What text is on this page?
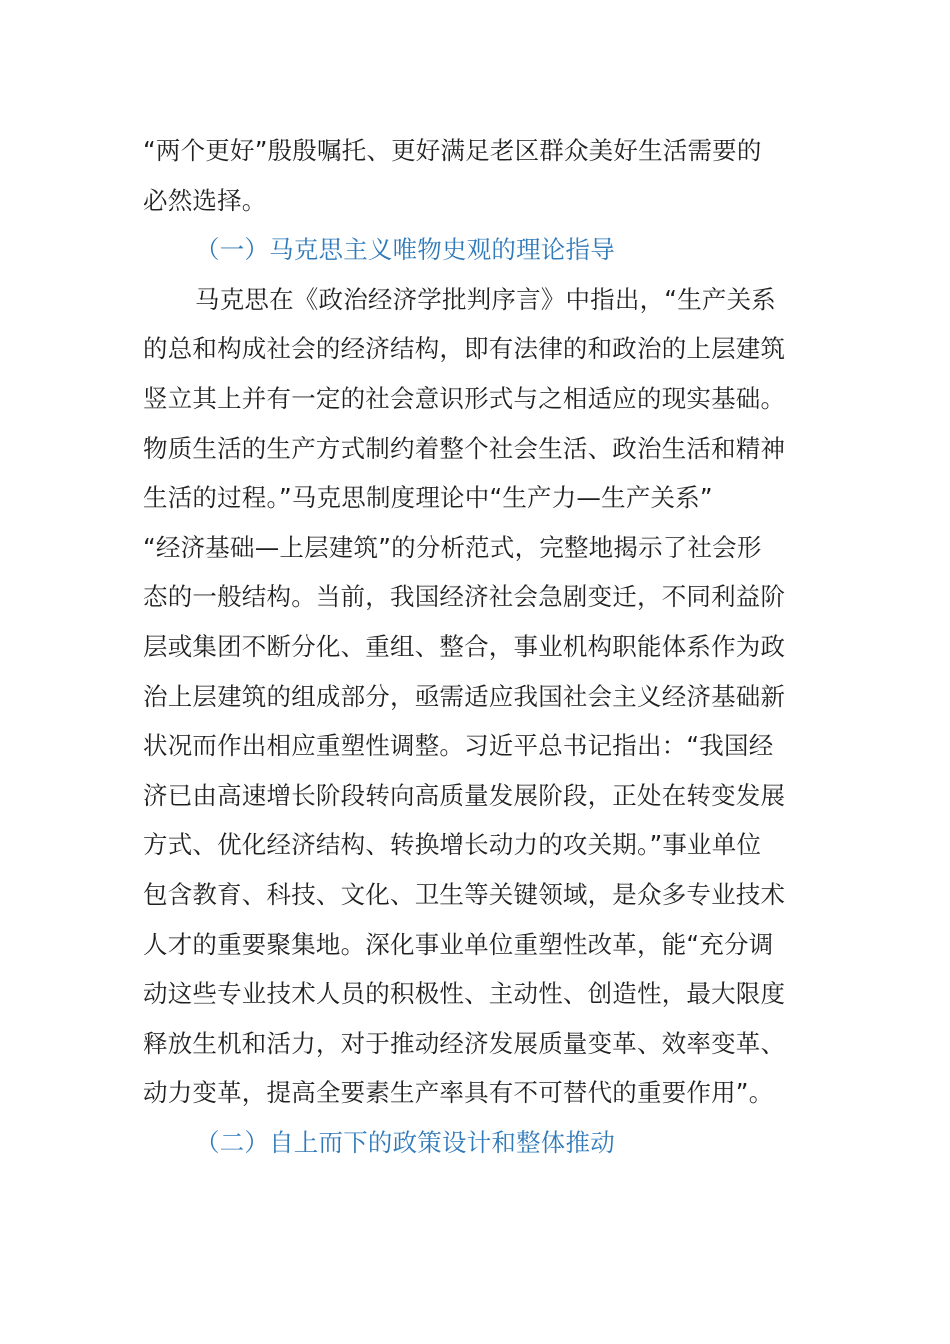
“两个更好”殷殷嘱托、更好满足老区群众美好生活需要的
必然选择。
（一）马克思主义唯物史观的理论指导
马克思在《政治经济学批判序言》中指出，“生产关系
的总和构成社会的经济结构，即有法律的和政治的上层建筑
竖立其上并有一定的社会意识形式与之相适应的现实基础。
物质生活的生产方式制约着整个社会生活、政治生活和精神
生活的过程。”马克思制度理论中“生产力—生产关系”
“经济基础—上层建筑”的分析范式，完整地揭示了社会形
态的一般结构。当前，我国经济社会急剧变迁，不同利益阶
层或集团不断分化、重组、整合，事业机构职能体系作为政
治上层建筑的组成部分，亟需适应我国社会主义经济基础新
状况而作出相应重塑性调整。习近平总书记指出：“我国经
济已由高速增长阶段转向高质量发展阶段，正处在转变发展
方式、优化经济结构、转换增长动力的攻关期。”事业单位
包含教育、科技、文化、卫生等关键领域，是众多专业技术
人才的重要聚集地。深化事业单位重塑性改革，能“充分调
动这些专业技术人员的积极性、主动性、创造性，最大限度
释放生机和活力，对于推动经济发展质量变革、效率变革、
动力变革，提高全要素生产率具有不可替代的重要作用”。
（二）自上而下的政策设计和整体推动
